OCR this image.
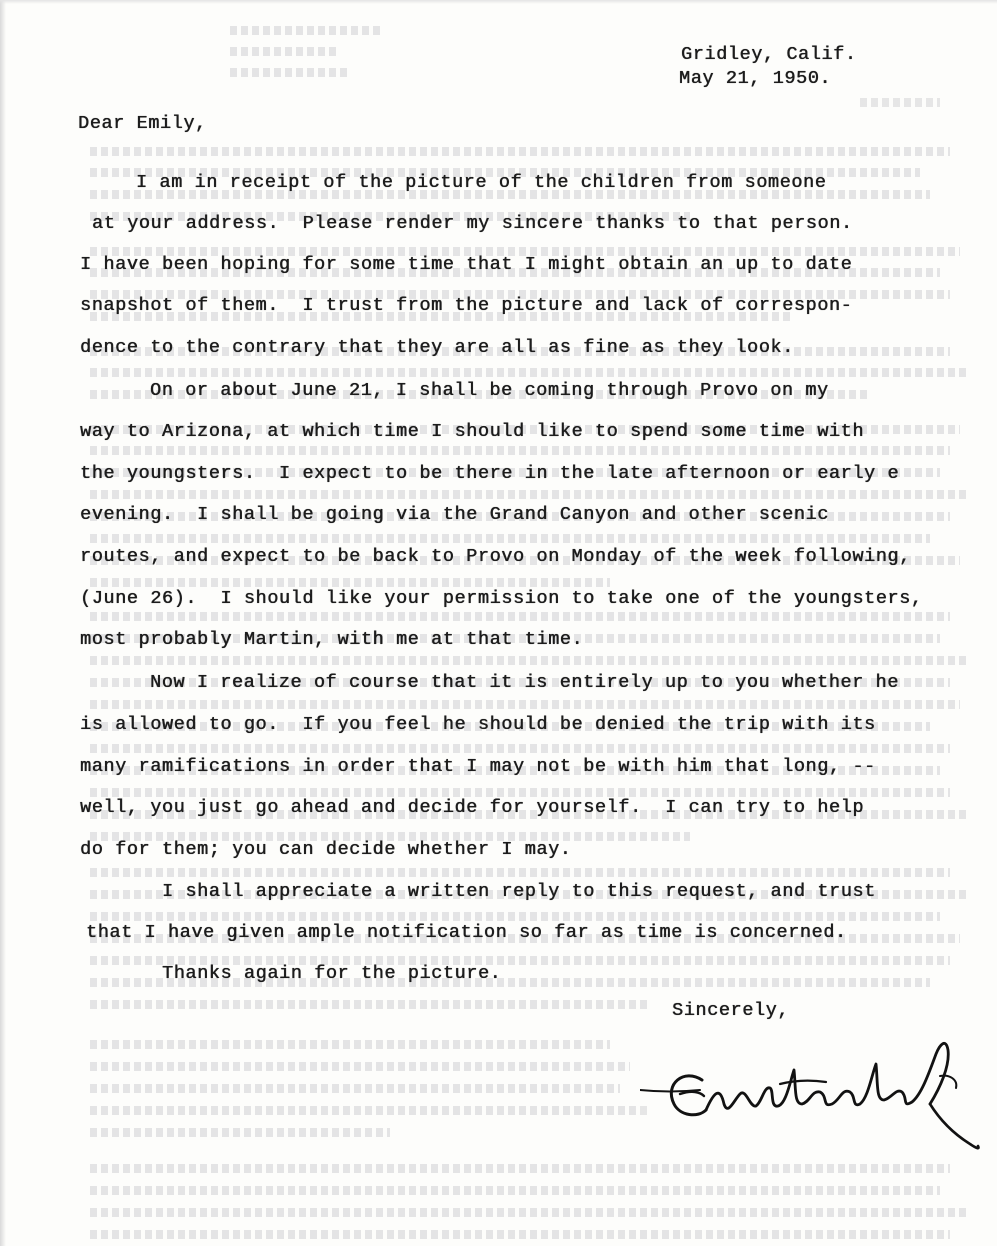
Gridley, Calif.
May 21, 1950.
Dear Emily,
I am in receipt of the picture of the children from someone
at your address.  Please render my sincere thanks to that person.
I have been hoping for some time that I might obtain an up to date
snapshot of them.  I trust from the picture and lack of correspon-
dence to the contrary that they are all as fine as they look.
On or about June 21, I shall be coming through Provo on my
way to Arizona, at which time I should like to spend some time with
the youngsters.  I expect to be there in the late afternoon or early e
evening.  I shall be going via the Grand Canyon and other scenic
routes, and expect to be back to Provo on Monday of the week following,
(June 26).  I should like your permission to take one of the youngsters,
most probably Martin, with me at that time.
Now I realize of course that it is entirely up to you whether he
is allowed to go.  If you feel he should be denied the trip with its
many ramifications in order that I may not be with him that long, --
well, you just go ahead and decide for yourself.  I can try to help
do for them; you can decide whether I may.
I shall appreciate a written reply to this request, and trust
that I have given ample notification so far as time is concerned.
Thanks again for the picture.
Sincerely,
